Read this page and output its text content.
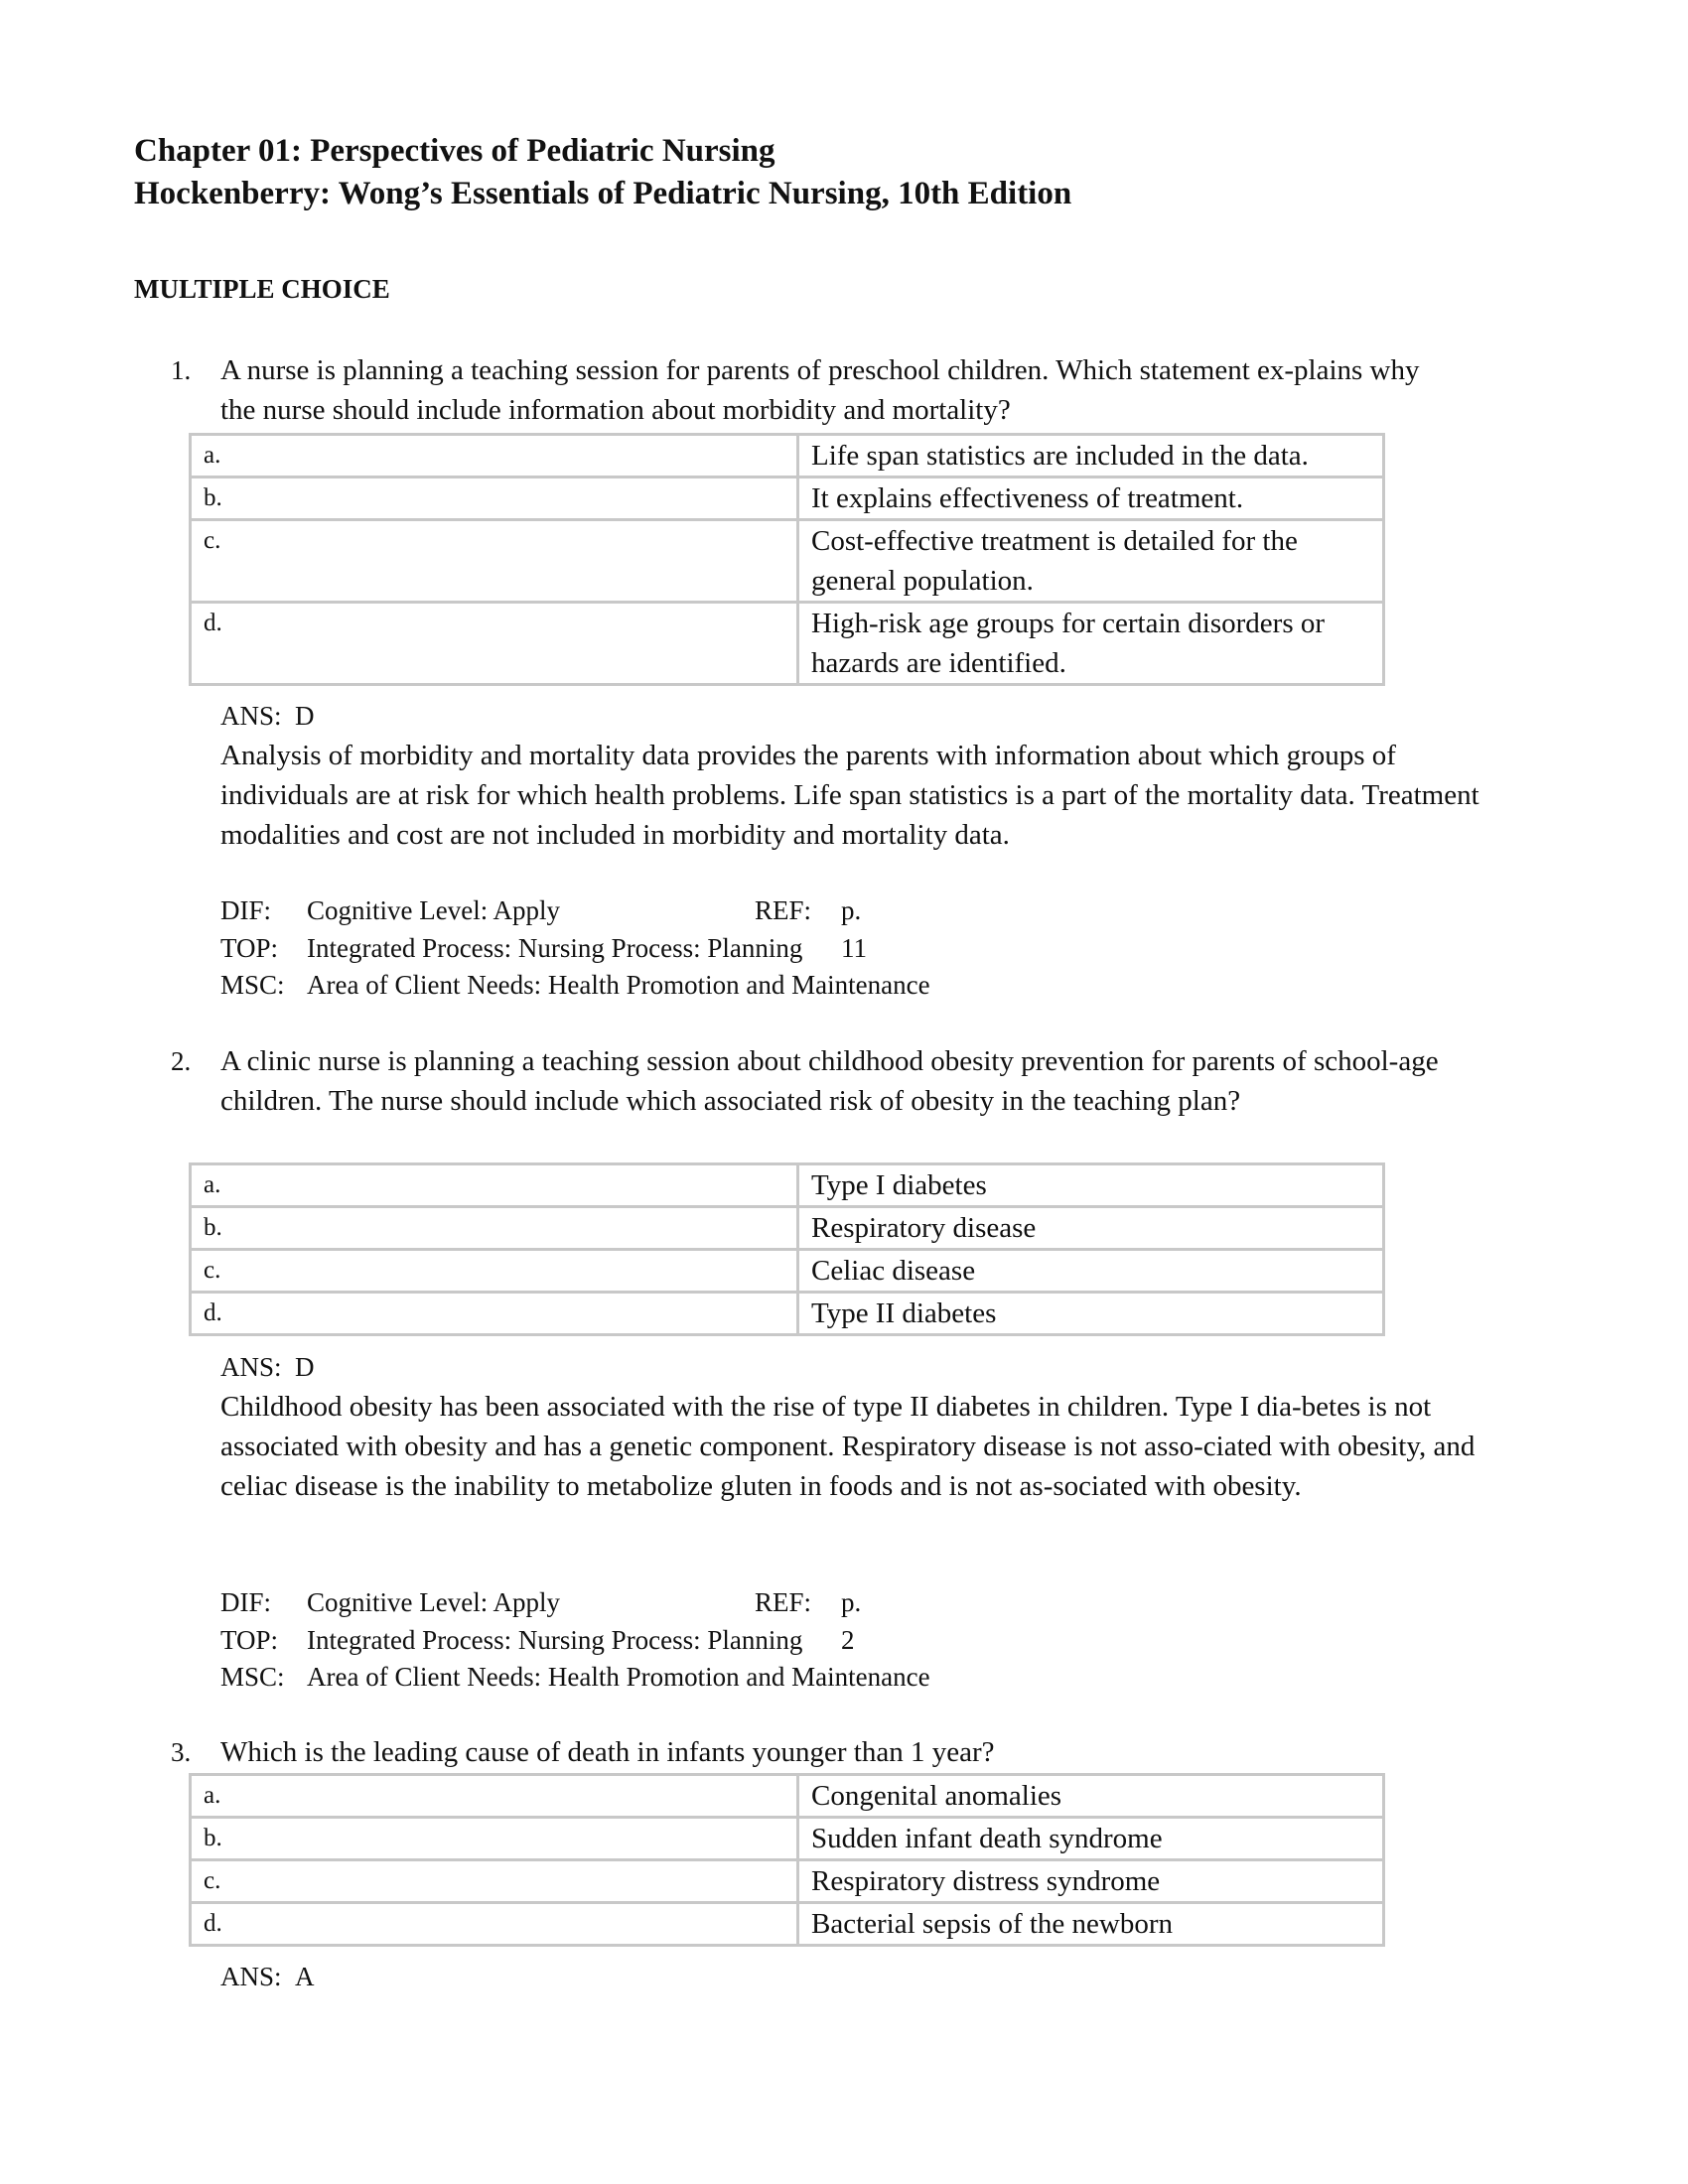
Chapter 01: Perspectives of Pediatric Nursing
Hockenberry: Wong’s Essentials of Pediatric Nursing, 10th Edition
MULTIPLE CHOICE
1.	A nurse is planning a teaching session for parents of preschool children. Which statement ex-plains why the nurse should include information about morbidity and mortality?
a.	Life span statistics are included in the data.
b.	It explains effectiveness of treatment.
c.	Cost-effective treatment is detailed for the general population.
d.	High-risk age groups for certain disorders or hazards are identified.
ANS: D
Analysis of morbidity and mortality data provides the parents with information about which groups of individuals are at risk for which health problems. Life span statistics is a part of the mortality data. Treatment modalities and cost are not included in morbidity and mortality data.
DIF: Cognitive Level: Apply	REF: p. 11
TOP: Integrated Process: Nursing Process: Planning
MSC: Area of Client Needs: Health Promotion and Maintenance
2.	A clinic nurse is planning a teaching session about childhood obesity prevention for parents of school-age children. The nurse should include which associated risk of obesity in the teaching plan?
a.	Type I diabetes
b.	Respiratory disease
c.	Celiac disease
d.	Type II diabetes
ANS: D
Childhood obesity has been associated with the rise of type II diabetes in children. Type I dia-betes is not associated with obesity and has a genetic component. Respiratory disease is not asso-ciated with obesity, and celiac disease is the inability to metabolize gluten in foods and is not as-sociated with obesity.
DIF: Cognitive Level: Apply	REF: p. 2
TOP: Integrated Process: Nursing Process: Planning
MSC: Area of Client Needs: Health Promotion and Maintenance
3.	Which is the leading cause of death in infants younger than 1 year?
a.	Congenital anomalies
b.	Sudden infant death syndrome
c.	Respiratory distress syndrome
d.	Bacterial sepsis of the newborn
ANS: A
